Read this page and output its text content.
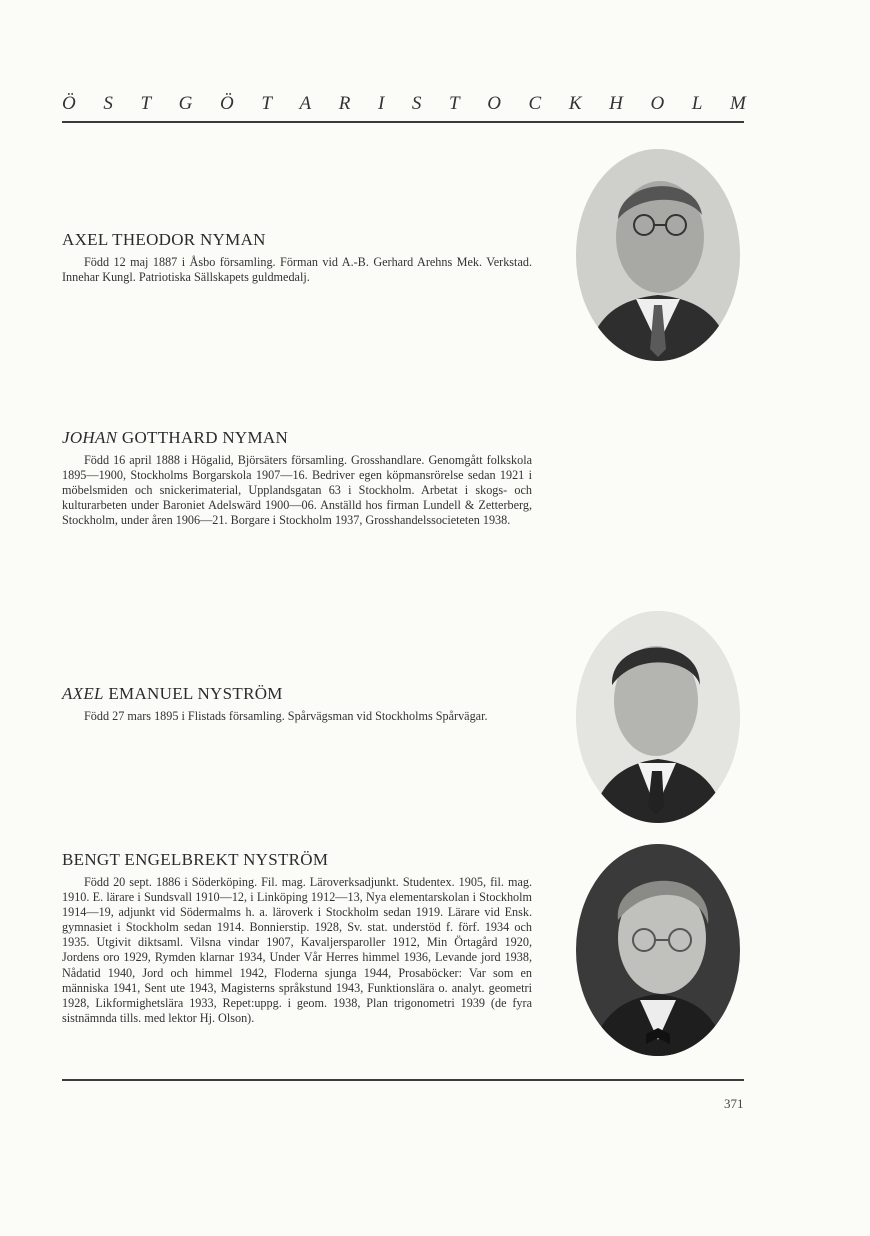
Ö S T G Ö T A R I S T O C K H O L M
AXEL THEODOR NYMAN

Född 12 maj 1887 i Åsbo församling. Förman vid A.-B. Gerhard Arehns Mek. Verkstad. Innehar Kungl. Patriotiska Sällskapets guldmedalj.

JOHAN GOTTHARD NYMAN

Född 16 april 1888 i Högalid, Björsäters församling. Grosshandlare. Genomgått folkskola 1895—1900, Stockholms Borgarskola 1907—16. Bedriver egen köpmansrörelse sedan 1921 i möbelsmiden och snickerimaterial, Upplandsgatan 63 i Stockholm. Arbetat i skogs- och kulturarbeten under Baroniet Adelswärd 1900—06. Anställd hos firman Lundell & Zetterberg, Stockholm, under åren 1906—21. Borgare i Stockholm 1937, Grosshandelssocieteten 1938.

AXEL EMANUEL NYSTRÖM

Född 27 mars 1895 i Flistads församling. Spårvägsman vid Stockholms Spårvägar.

BENGT ENGELBREKT NYSTRÖM

Född 20 sept. 1886 i Söderköping. Fil. mag. Läroverksadjunkt. Studentex. 1905, fil. mag. 1910. E. lärare i Sundsvall 1910—12, i Linköping 1912—13, Nya elementarskolan i Stockholm 1914—19, adjunkt vid Södermalms h. a. läroverk i Stockholm sedan 1919. Lärare vid Ensk. gymnasiet i Stockholm sedan 1914. Bonnierstip. 1928, Sv. stat. understöd f. förf. 1934 och 1935. Utgivit diktsaml. Vilsna vindar 1907, Kavaljersparoller 1912, Min Örtagård 1920, Jordens oro 1929, Rymden klarnar 1934, Under Vår Herres himmel 1936, Levande jord 1938, Nådatid 1940, Jord och himmel 1942, Floderna sjunga 1944, Prosaböcker: Var som en människa 1941, Sent ute 1943, Magisterns språkstund 1943, Funktionslära o. analyt. geometri 1928, Likformighetslära 1933, Repet:uppg. i geom. 1938, Plan trigonometri 1939 (de fyra sistnämnda tills. med lektor Hj. Olson).

371
